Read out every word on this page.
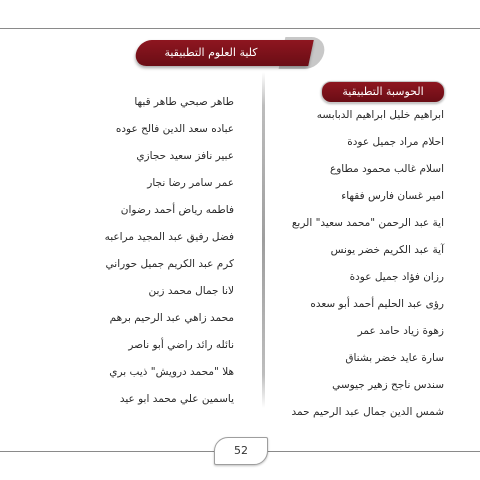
كلية العلوم التطبيقية
الحوسبة التطبيقية
طاهر صبحي طاهر قبها
عباده سعد الدين فالح عوده
عبير نافز سعيد حجازي
عمر سامر رضا نجار
فاطمه رياض أحمد رضوان
فضل رفيق عبد المجيد مراعبه
كرم عبد الكريم جميل حوراني
لانا جمال محمد زبن
محمد زاهي عبد الرحيم برهم
نائله رائد راضي أبو ناصر
هلا "محمد درويش" ذيب بري
ياسمين علي محمد ابو عيد
ابراهيم خليل ابراهيم الدبابسه
احلام مراد جميل عودة
اسلام غالب محمود مطاوع
امير غسان فارس فقهاء
اية عبد الرحمن "محمد سعيد" الربع
آية عبد الكريم خضر يونس
رزان فؤاد جميل عودة
رؤى عبد الحليم أحمد أبو سعده
زهوة زياد حامد عمر
سارة عايد خضر بشناق
سندس ناجح زهير جيوسي
شمس الدين جمال عبد الرحيم حمد
52
